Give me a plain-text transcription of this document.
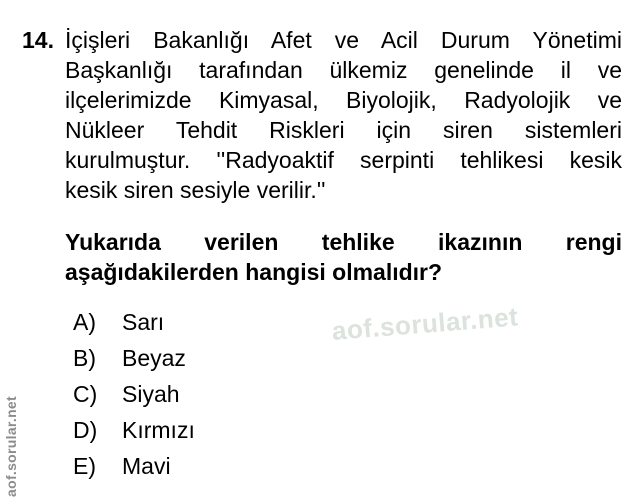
14. İçişleri Bakanlığı Afet ve Acil Durum Yönetimi
Başkanlığı tarafından ülkemiz genelinde il ve
ilçelerimizde Kimyasal, Biyolojik, Radyolojik ve
Nükleer Tehdit Riskleri için siren sistemleri
kurulmuştur. ''Radyoaktif serpinti tehlikesi kesik
kesik siren sesiyle verilir.''
Yukarıda verilen tehlike ikazının rengi
aşağıdakilerden hangisi olmalıdır?
A)	Sarı
B)	Beyaz
C)	Siyah
D)	Kırmızı
E)	Mavi
aof.sorular.net
aof.sorular.net
